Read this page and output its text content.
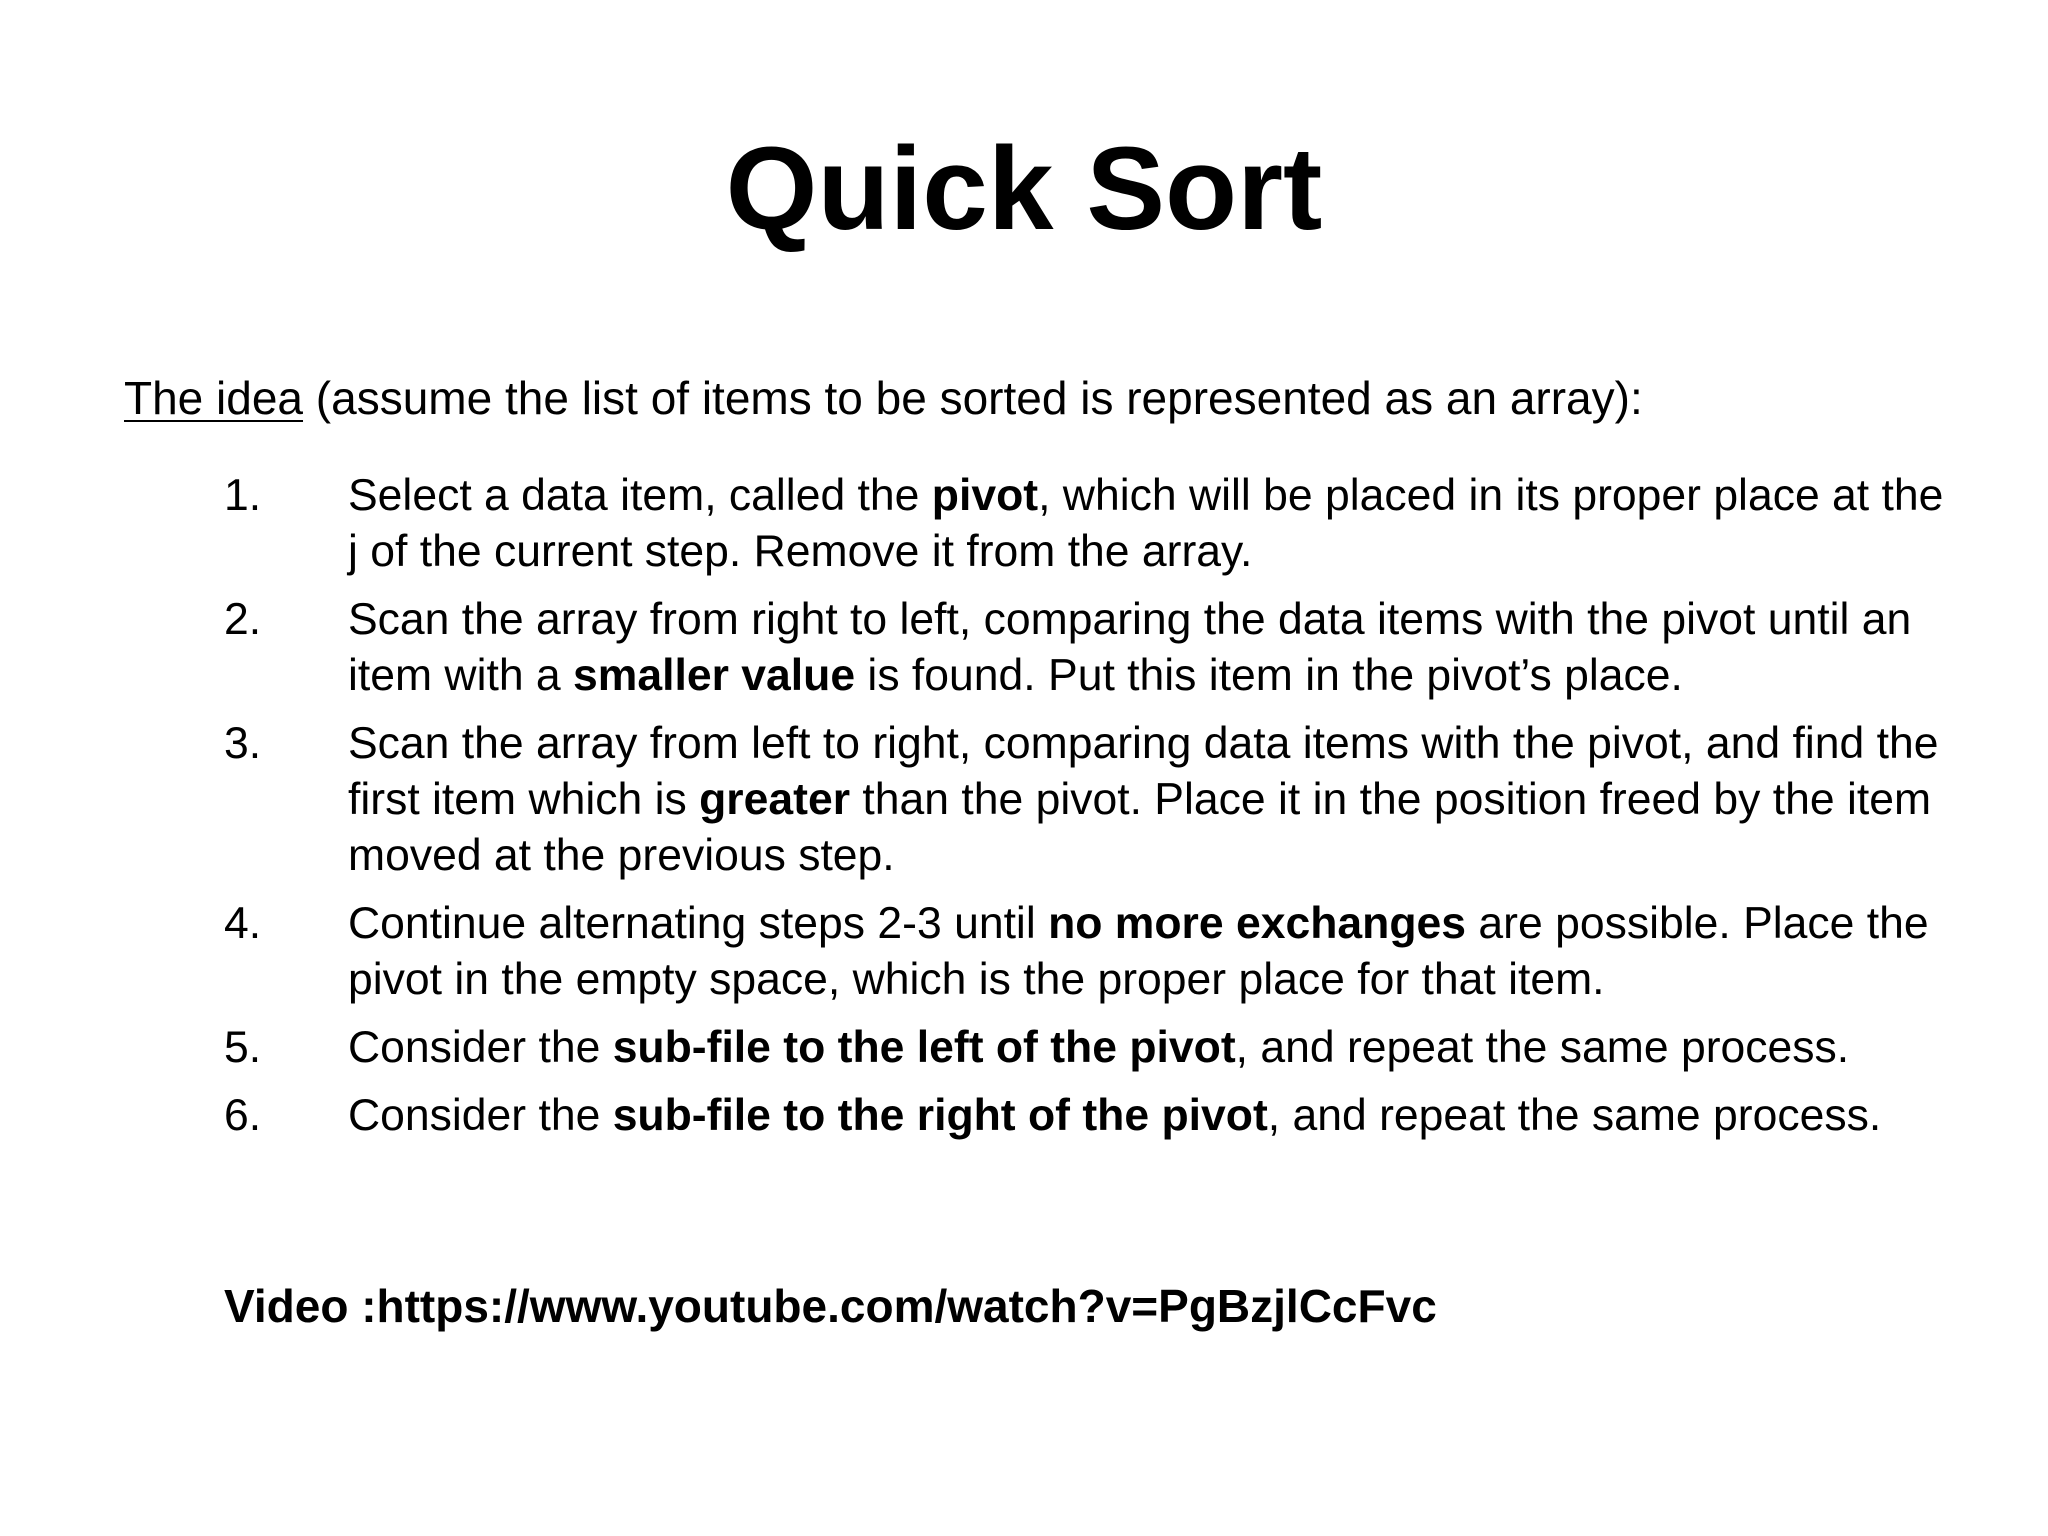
Quick Sort

The idea (assume the list of items to be sorted is represented as an array):

1.	Select a data item, called the pivot, which will be placed in its proper place at the j of the current step. Remove it from the array.
2.	Scan the array from right to left, comparing the data items with the pivot until an item with a smaller value is found. Put this item in the pivot’s place.
3.	Scan the array from left to right, comparing data items with the pivot, and find the first item which is greater than the pivot. Place it in the position freed by the item moved at the previous step.
4.	Continue alternating steps 2-3 until no more exchanges are possible. Place the pivot in the empty space, which is the proper place for that item.
5.	Consider the sub-file to the left of the pivot, and repeat the same process.
6.	Consider the sub-file to the right of the pivot, and repeat the same process.

Video :https://www.youtube.com/watch?v=PgBzjlCcFvc
